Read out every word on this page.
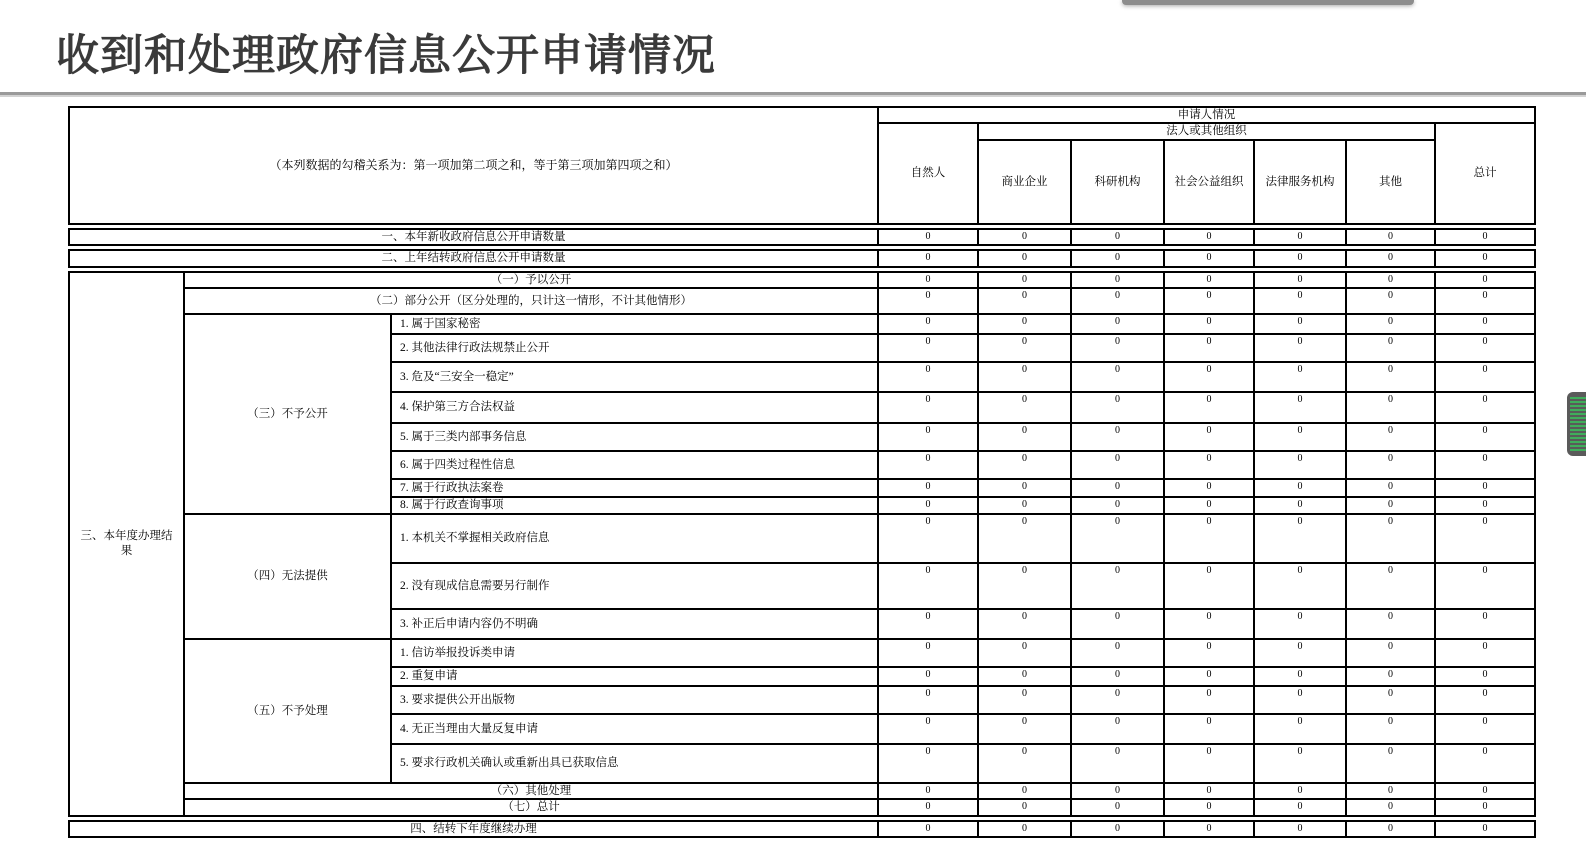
收到和处理政府信息公开申请情况
（本列数据的勾稽关系为：第一项加第二项之和，等于第三项加第四项之和）	申请人情况						
	自然人	法人或其他组织					总计
		商业企业	科研机构	社会公益组织	法律服务机构	其他	
一、本年新收政府信息公开申请数量	0	0	0	0	0	0	0
二、上年结转政府信息公开申请数量	0	0	0	0	0	0	0
三、本年度办理结果	（一）予以公开		0	0	0	0	0	0	0
	（二）部分公开（区分处理的，只计这一情形，不计其他情形）		0	0	0	0	0	0	0
	（三）不予公开	1. 属于国家秘密	0	0	0	0	0	0	0
		2. 其他法律行政法规禁止公开	0	0	0	0	0	0	0
		3. 危及“三安全一稳定”	0	0	0	0	0	0	0
		4. 保护第三方合法权益	0	0	0	0	0	0	0
		5. 属于三类内部事务信息	0	0	0	0	0	0	0
		6. 属于四类过程性信息	0	0	0	0	0	0	0
		7. 属于行政执法案卷	0	0	0	0	0	0	0
		8. 属于行政查询事项	0	0	0	0	0	0	0
	（四）无法提供	1. 本机关不掌握相关政府信息	0	0	0	0	0	0	0
		2. 没有现成信息需要另行制作	0	0	0	0	0	0	0
		3. 补正后申请内容仍不明确	0	0	0	0	0	0	0
	（五）不予处理	1. 信访举报投诉类申请	0	0	0	0	0	0	0
		2. 重复申请	0	0	0	0	0	0	0
		3. 要求提供公开出版物	0	0	0	0	0	0	0
		4. 无正当理由大量反复申请	0	0	0	0	0	0	0
		5. 要求行政机关确认或重新出具已获取信息	0	0	0	0	0	0	0
	（六）其他处理		0	0	0	0	0	0	0
	（七）总计		0	0	0	0	0	0	0
四、结转下年度继续办理	0	0	0	0	0	0	0
